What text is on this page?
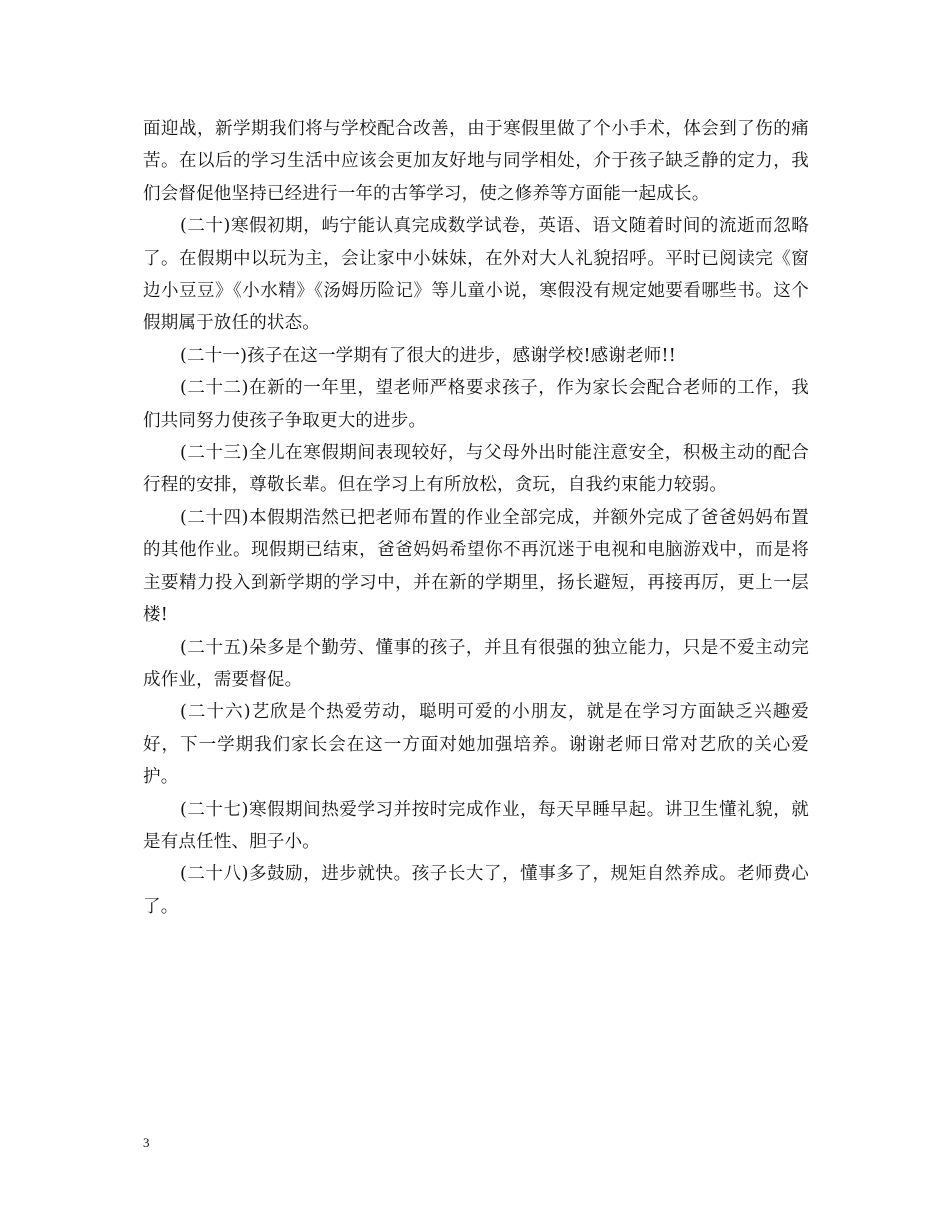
面迎战，新学期我们将与学校配合改善，由于寒假里做了个小手术，体会到了伤的痛苦。在以后的学习生活中应该会更加友好地与同学相处，介于孩子缺乏静的定力，我们会督促他坚持已经进行一年的古筝学习，使之修养等方面能一起成长。

(二十)寒假初期，屿宁能认真完成数学试卷，英语、语文随着时间的流逝而忽略了。在假期中以玩为主，会让家中小妹妹，在外对大人礼貌招呼。平时已阅读完《窗边小豆豆》《小水精》《汤姆历险记》等儿童小说，寒假没有规定她要看哪些书。这个假期属于放任的状态。

(二十一)孩子在这一学期有了很大的进步，感谢学校!感谢老师!!

(二十二)在新的一年里，望老师严格要求孩子，作为家长会配合老师的工作，我们共同努力使孩子争取更大的进步。

(二十三)全儿在寒假期间表现较好，与父母外出时能注意安全，积极主动的配合行程的安排，尊敬长辈。但在学习上有所放松，贪玩，自我约束能力较弱。

(二十四)本假期浩然已把老师布置的作业全部完成，并额外完成了爸爸妈妈布置的其他作业。现假期已结束，爸爸妈妈希望你不再沉迷于电视和电脑游戏中，而是将主要精力投入到新学期的学习中，并在新的学期里，扬长避短，再接再厉，更上一层楼!

(二十五)朵多是个勤劳、懂事的孩子，并且有很强的独立能力，只是不爱主动完成作业，需要督促。

(二十六)艺欣是个热爱劳动，聪明可爱的小朋友，就是在学习方面缺乏兴趣爱好，下一学期我们家长会在这一方面对她加强培养。谢谢老师日常对艺欣的关心爱护。

(二十七)寒假期间热爱学习并按时完成作业，每天早睡早起。讲卫生懂礼貌，就是有点任性、胆子小。

(二十八)多鼓励，进步就快。孩子长大了，懂事多了，规矩自然养成。老师费心了。

3
